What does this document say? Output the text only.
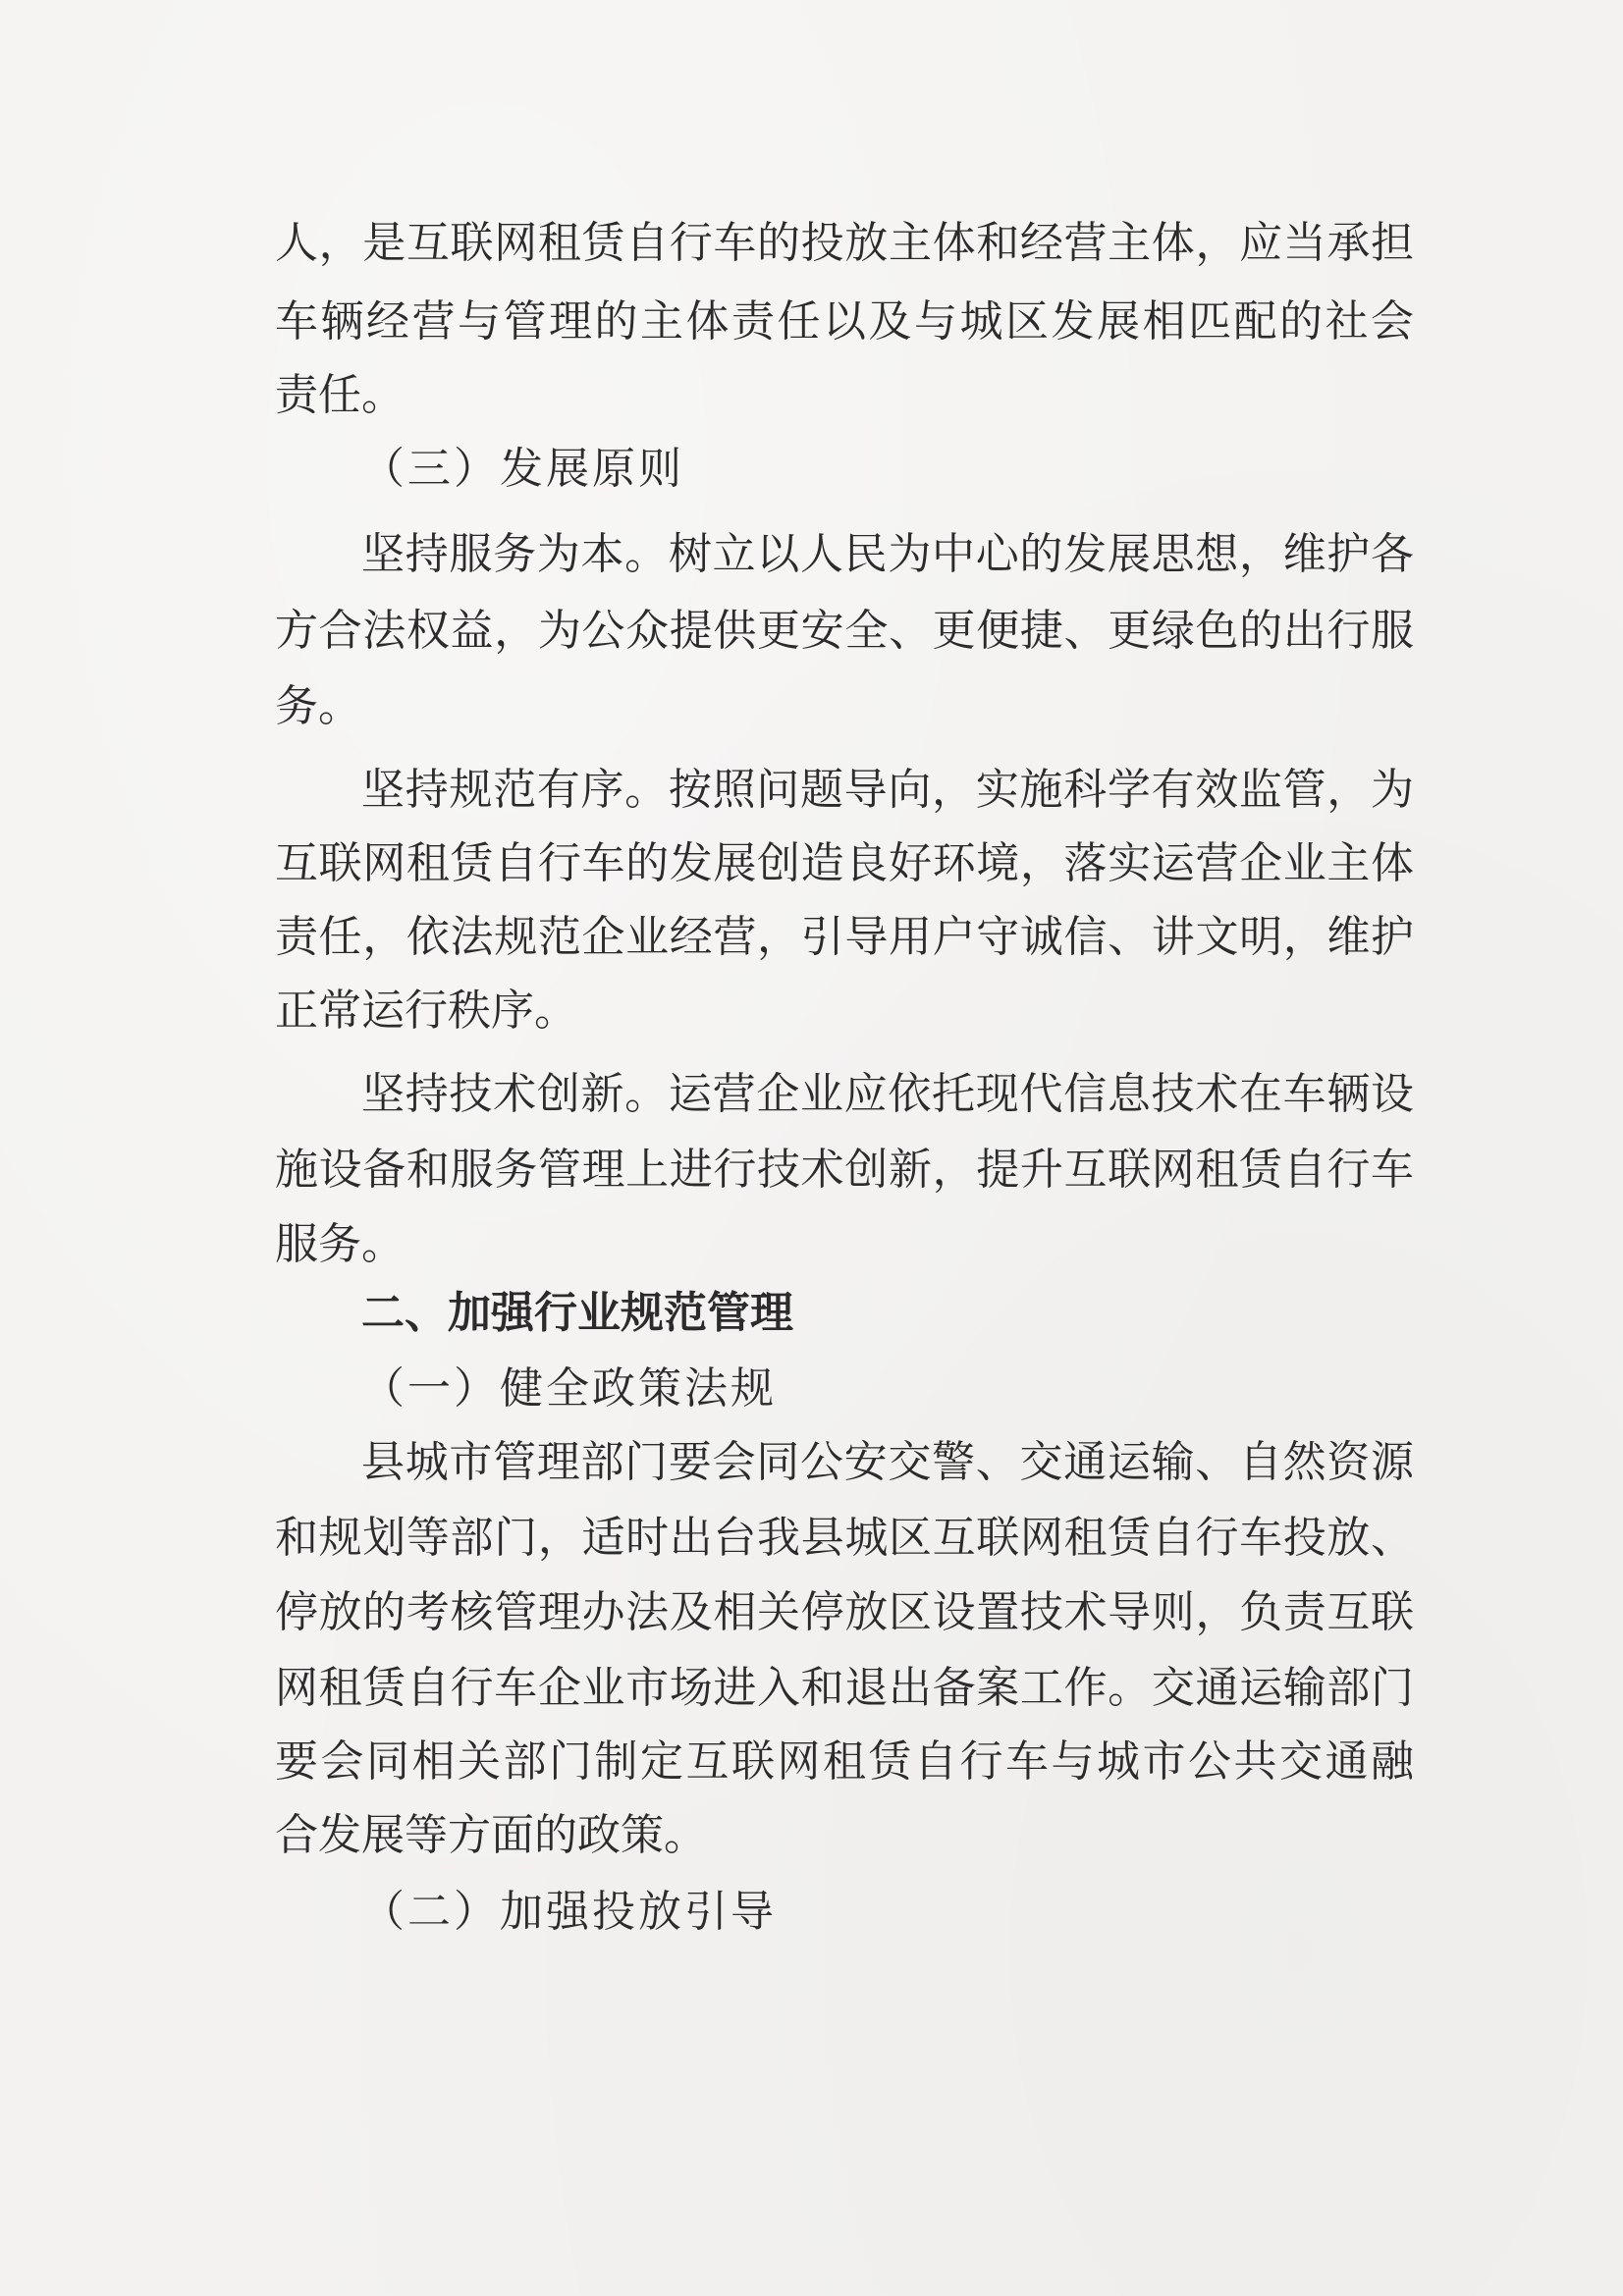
人，是互联网租赁自行车的投放主体和经营主体，应当承担
车辆经营与管理的主体责任以及与城区发展相匹配的社会
责任。
（三）发展原则
坚持服务为本。树立以人民为中心的发展思想，维护各
方合法权益，为公众提供更安全、更便捷、更绿色的出行服
务。
坚持规范有序。按照问题导向，实施科学有效监管，为
互联网租赁自行车的发展创造良好环境，落实运营企业主体
责任，依法规范企业经营，引导用户守诚信、讲文明，维护
正常运行秩序。
坚持技术创新。运营企业应依托现代信息技术在车辆设
施设备和服务管理上进行技术创新，提升互联网租赁自行车
服务。
二、加强行业规范管理
（一）健全政策法规
县城市管理部门要会同公安交警、交通运输、自然资源
和规划等部门，适时出台我县城区互联网租赁自行车投放、
停放的考核管理办法及相关停放区设置技术导则，负责互联
网租赁自行车企业市场进入和退出备案工作。交通运输部门
要会同相关部门制定互联网租赁自行车与城市公共交通融
合发展等方面的政策。
（二）加强投放引导
